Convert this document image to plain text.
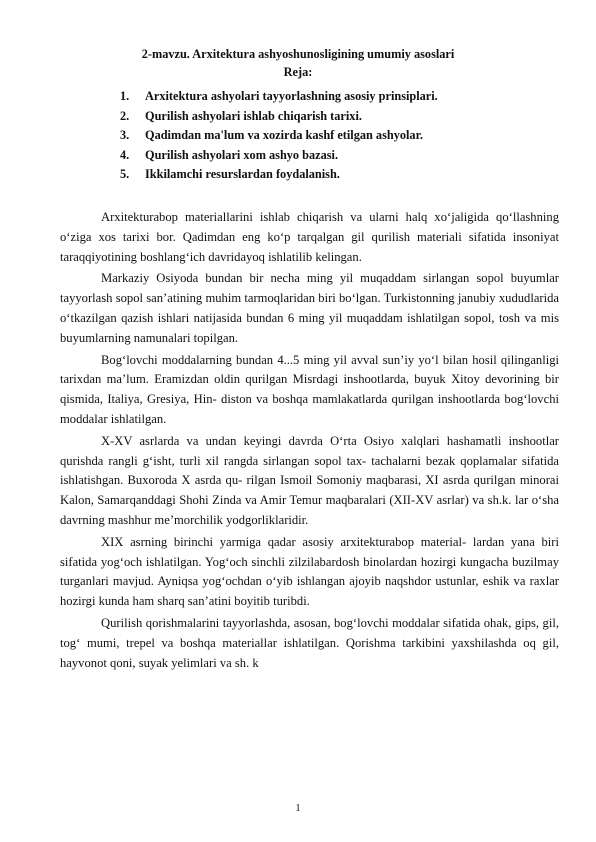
2-mavzu. Arxitektura ashyoshunosligining umumiy asoslari
Reja:
1. Arxitektura ashyolari tayyorlashning asosiy prinsiplari.
2. Qurilish ashyolari ishlab chiqarish tarixi.
3. Qadimdan ma'lum va xozirda kashf etilgan ashyolar.
4. Qurilish ashyolari xom ashyo bazasi.
5. Ikkilamchi resurslardan foydalanish.

Arxitekturabop materiallarini ishlab chiqarish va ularni halq xo‘jaligida qo‘llashning o‘ziga xos tarixi bor. Qadimdan eng ko‘p tarqalgan gil qurilish materiali sifatida insoniyat taraqqiyotining boshlang‘ich davridayoq ishlatilib kelingan.

Markaziy Osiyoda bundan bir necha ming yil muqaddam sirlangan sopol buyumlar tayyorlash sopol san’atining muhim tarmoqlaridan biri bo‘lgan. Turkistonning janubiy xududlarida o‘tkazilgan qazish ishlari natijasida bundan 6 ming yil muqaddam ishlatilgan sopol, tosh va mis buyumlarning namunalari topilgan.

Bog‘lovchi moddalarning bundan 4...5 ming yil avval sun’iy yo‘l bilan hosil qilinganligi tarixdan ma’lum. Eramizdan oldin qurilgan Misrdagi inshootlarda, buyuk Xitoy devorining bir qismida, Italiya, Gresiya, Hin- diston va boshqa mamlakatlarda qurilgan inshootlarda bog‘lovchi moddalar ishlatilgan.

X-XV asrlarda va undan keyingi davrda O‘rta Osiyo xalqlari hashamatli inshootlar qurishda rangli g‘isht, turli xil rangda sirlangan sopol tax- tachalarni bezak qoplamalar sifatida ishlatishgan. Buxoroda X asrda qu- rilgan Ismoil Somoniy maqbarasi, XI asrda qurilgan minorai Kalon, Samarqanddagi Shohi Zinda va Amir Temur maqbaralari (XII-XV asrlar) va sh.k. lar o‘sha davrning mashhur me’morchilik yodgorliklaridir.

XIX asrning birinchi yarmiga qadar asosiy arxitekturabop material- lardan yana biri sifatida yog‘och ishlatilgan. Yog‘och sinchli zilzilabardosh binolardan hozirgi kungacha buzilmay turganlari mavjud. Ayniqsa yog‘ochdan o‘yib ishlangan ajoyib naqshdor ustunlar, eshik va raxlar hozirgi kunda ham sharq san’atini boyitib turibdi.

Qurilish qorishmalarini tayyorlashda, asosan, bog‘lovchi moddalar sifatida ohak, gips, gil, tog‘ mumi, trepel va boshqa materiallar ishlatilgan. Qorishma tarkibini yaxshilashda oq gil, hayvonot qoni, suyak yelimlari va sh. k

1
